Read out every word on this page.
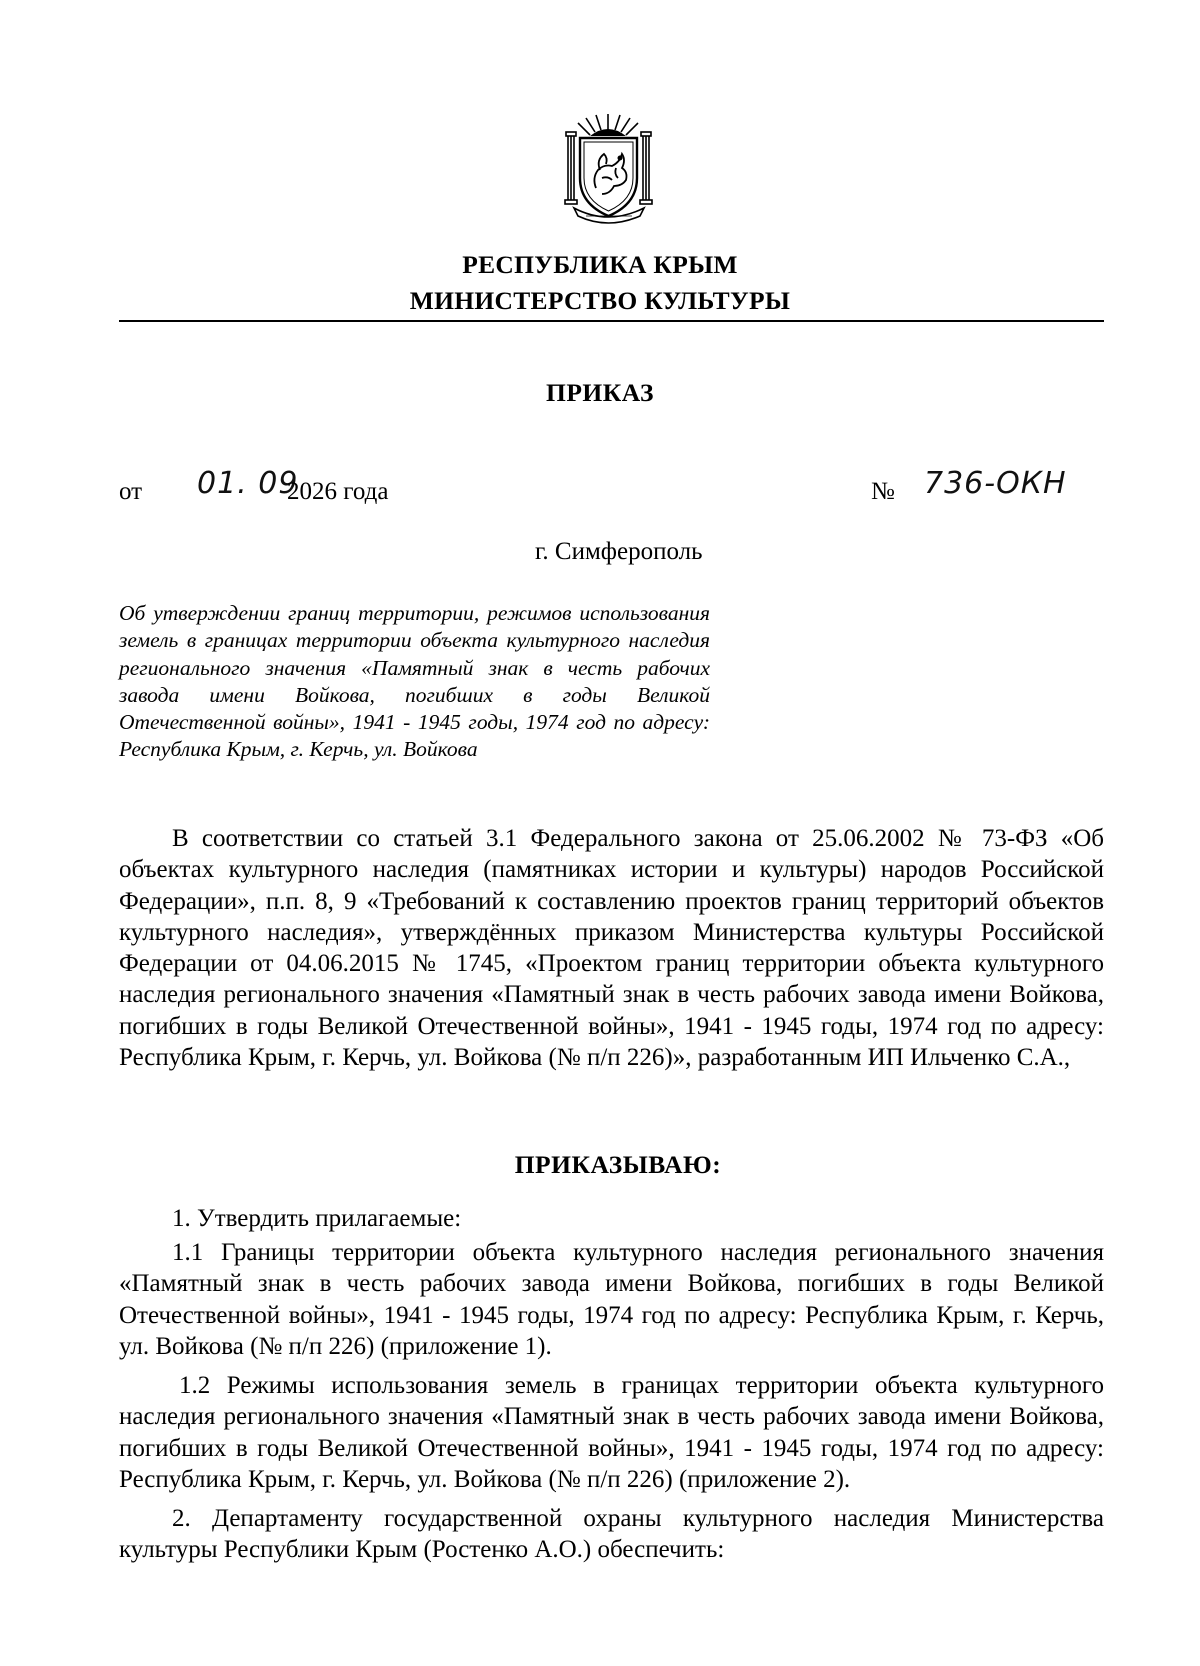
РЕСПУБЛИКА КРЫМ
МИНИСТЕРСТВО КУЛЬТУРЫ
ПРИКАЗ
от 01. 09
2026 года	№ 736-ОКН
г. Симферополь
Об утверждении границ территории, режимов использования земель в границах территории объекта культурного наследия регионального значения «Памятный знак в честь рабочих завода имени Войкова, погибших в годы Великой Отечественной войны», 1941 - 1945 годы, 1974 год по адресу: Республика Крым, г. Керчь, ул. Войкова
В соответствии со статьей 3.1 Федерального закона от 25.06.2002 № 73-ФЗ «Об объектах культурного наследия (памятниках истории и культуры) народов Российской Федерации», п.п. 8, 9 «Требований к составлению проектов границ территорий объектов культурного наследия», утверждённых приказом Министерства культуры Российской Федерации от 04.06.2015 № 1745, «Проектом границ территории объекта культурного наследия регионального значения «Памятный знак в честь рабочих завода имени Войкова, погибших в годы Великой Отечественной войны», 1941 - 1945 годы, 1974 год по адресу: Республика Крым, г. Керчь, ул. Войкова (№ п/п 226)», разработанным ИП Ильченко С.А.,
ПРИКАЗЫВАЮ:
1. Утвердить прилагаемые:
1.1 Границы территории объекта культурного наследия регионального значения «Памятный знак в честь рабочих завода имени Войкова, погибших в годы Великой Отечественной войны», 1941 - 1945 годы, 1974 год по адресу: Республика Крым, г. Керчь, ул. Войкова (№ п/п 226) (приложение 1).
1.2 Режимы использования земель в границах территории объекта культурного наследия регионального значения «Памятный знак в честь рабочих завода имени Войкова, погибших в годы Великой Отечественной войны», 1941 - 1945 годы, 1974 год по адресу: Республика Крым, г. Керчь, ул. Войкова (№ п/п 226) (приложение 2).
2. Департаменту государственной охраны культурного наследия Министерства культуры Республики Крым (Ростенко А.О.) обеспечить:
